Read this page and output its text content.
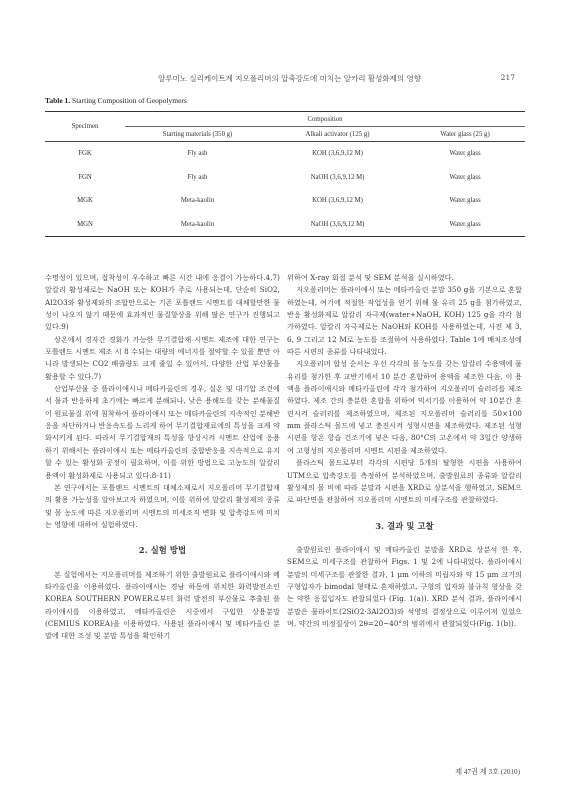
알루미노 실리케이트계 지오폴리머의 압축강도에 미치는 알카리 활성화제의 영향	217
Table 1. Starting Composition of Geopolymers
Specimen	Composition		
	Starting materials (350 g)	Alkali activator (125 g)	Water glass (25 g)
FGK	Fly ash	KOH (3,6,9,12 M)	Water glass
FGN	Fly ash	NaOH (3,6,9,12 M)	Water glass
MGK	Meta-kaolin	KOH (3,6,9,12 M)	Water glass
MGN	Meta-kaolin	NaOH (3,6,9,12 M)	Water glass

수명성이 있으며, 접착성이 우수하고 빠른 시간 내에 응결이 가능하다.4,7) 알칼리 활성제로는 NaOH 또는 KOH가 주로 사용되는데, 단순히 SiO2, Al2O3와 활성제와의 조합만으로는 기존 포틀랜드 시멘트를 대체할만한 물성이 나오지 않기 때문에 효과적인 물질향상을 위해 많은 연구가 진행되고 있다.9)

상온에서 경자간 경화가 가능한 무기결합재 시멘트 제조에 대한 연구는 포틀랜드 시멘트 제조 시 8 수되는 대량의 에너지를 절약할 수 있을 뿐만 아니라 발생되는 CO2 배출량도 크게 줄일 수 있어서, 다양한 산업 부산물을 활용할 수 있다.7)

산업부산물 중 플라이애시나 메타카올린의 경우, 실온 및 대기압 조건에서 물과 반응하게 초기에는 빠르게 분해되나, 낮은 용해도를 갖는 분해물질이 원료물질 위에 침착하여 플라이애시 또는 메타카올린의 지속적인 분해반응을 차단하거나 반응속도를 느리게 하여 무기결합재료에의 특성을 크게 약화시키게 된다. 따라서 무기결합재의 특성을 향상시켜 시멘트 산업에 응용하기 위해서는 플라이애시 또는 메타카올린의 중합반응을 지속적으로 유지할 수 있는 활성화 공정이 필요하며, 이를 위한 방법으로 고농도의 알칼리 용액이 활성화제로 사용되고 있다.8-11)

본 연구에서는 포틀랜드 시멘트의 대체소재로서 지오폴리머 무기결합재의 활용 가능성을 알아보고자 하였으며, 이를 위하여 알칼리 활성제의 종류 및 몰 농도에 따른 지오폴리머 시멘트의 미세조직 변화 및 압축강도에 미치는 영향에 대하여 실험하였다.

2. 실험 방법

본 실험에서는 지오폴리머를 제조하기 위한 출발원료로 플라이애시와 메타카올린을 이용하였다. 플라이애시는 경남 하동에 위치한 화력발전소인 KOREA SOUTHERN POWER로부터 화력 발전의 부산물로 추출된 플라이애시를 이용하였고, 메타카올린은 시중에서 구입한 상용분말(CEMIUS KOREA)을 이용하였다. 사용된 플라이애시 및 메타카올린 분말에 대한 조성 및 분말 특성을 확인하기

위하여 X-ray 회절 분석 및 SEM 분석을 실시하였다.

지오폴리머는 플라이애시 또는 메타카올린 분말 350 g을 기본으로 혼합하였는데, 여기에 적절한 작업성을 얻기 위해 물 유리 25 g을 첨가하였고, 반응 활성화제로 알칼리 자극제(water+NaOH, KOH) 125 g을 각각 첨가하였다. 알칼리 자극제로는 NaOH와 KOH를 사용하였는데, 사전 제 3, 6, 9 그리고 12 M로 농도를 조절하여 사용하였다. Table 1에 배치조성에 따른 시편의 종류를 나타내었다.

지오폴리머 합성 순서는 우선 각각의 몰 농도를 갖는 알칼리 수용액에 물 유리를 첨가한 후 교반기에서 10 분간 혼합하여 용액을 제조한 다음, 이 용액을 플라이애시와 메타카올린에 각각 첨가하여 지오폴리머 슬러리를 제조하였다. 제조 간의 충분한 혼합을 위하여 믹서기를 이용하여 약 10분간 혼련시켜 슬러리를 제조하였으며, 제조된 지오폴리머 슬러리를 50×100 mm 플라스틱 몰드에 넣고 충진시켜 성형시편을 제조하였다. 제조된 성형 시편을 항온 항습 건조기에 넣은 다음, 80°C의 고온에서 약 3일간 양생하여 고형성의 지오폴리머 시멘트 시편을 제조하였다.

플라스틱 몰드로부터 각각의 시편당 5개의 탈형한 시편을 사용하여 UTM으로 압축강도를 측정하여 분석하였으며, 출발원료의 종류와 알칼리 활성제의 몰 비에 따라 분말과 시편을 XRD로 상분석을 행하였고, SEM으로 파단면을 관찰하여 지오폴리머 시멘트의 미세구조를 관찰하였다.

3. 결과 및 고찰

출발원료인 플라이애시 및 메타카올린 분말을 XRD로 상분석 한 후, SEM으로 미세구조를 관찰하여 Figs. 1 및 2에 나타내었다. 플라이애시 분말의 미세구조를 관찰한 결과, 1 μm 이하의 미립자와 약 15 μm 크기의 구형입자가 bimodal 형태로 혼재하였고, 구형의 입자와 불규칙 형상을 갖는 약한 응집입자도 관찰되었다 (Fig. 1(a)). XRD 분석 결과, 플라이애시 분말은 물라이트(2SiO2·3Al2O3)와 석영의 결정상으로 이루어져 있었으며, 약간의 비정질상이 2θ=20~40°의 범위에서 관찰되었다(Fig. 1(b)).

제 47권 제 3호 (2010)
